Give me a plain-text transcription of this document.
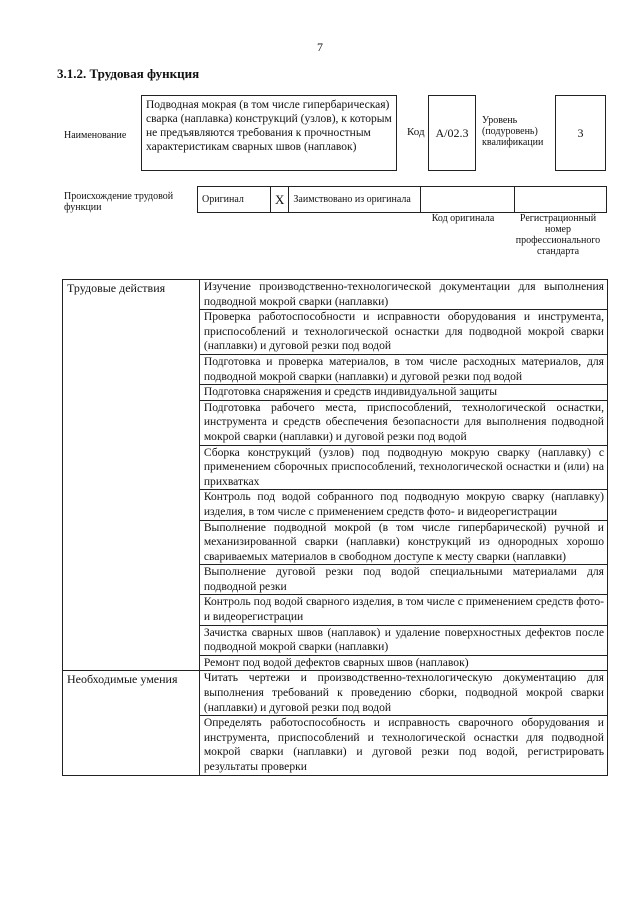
7
3.1.2. Трудовая функция
Наименование
Подводная мокрая (в том числе гипербарическая) сварка (наплавка) конструкций (узлов), к которым не предъявляются требования к прочностным характеристикам сварных швов (наплавок)
Код A/02.3
Уровень (подуровень) квалификации
3
Происхождение трудовой функции
Оригинал	X	Заимствовано из оригинала		
Код оригинала	Регистрационный номер профессионального стандарта
Трудовые действия	Изучение производственно-технологической документации для выполнения подводной мокрой сварки (наплавки)
	Проверка работоспособности и исправности оборудования и инструмента, приспособлений и технологической оснастки для подводной мокрой сварки (наплавки) и дуговой резки под водой
	Подготовка и проверка материалов, в том числе расходных материалов, для подводной мокрой сварки (наплавки) и дуговой резки под водой
	Подготовка снаряжения и средств индивидуальной защиты
	Подготовка рабочего места, приспособлений, технологической оснастки, инструмента и средств обеспечения безопасности для выполнения подводной мокрой сварки (наплавки) и дуговой резки под водой
	Сборка конструкций (узлов) под подводную мокрую сварку (наплавку) с применением сборочных приспособлений, технологической оснастки и (или) на прихватках
	Контроль под водой собранного под подводную мокрую сварку (наплавку) изделия, в том числе с применением средств фото- и видеорегистрации
	Выполнение подводной мокрой (в том числе гипербарической) ручной и механизированной сварки (наплавки) конструкций из однородных хорошо свариваемых материалов в свободном доступе к месту сварки (наплавки)
	Выполнение дуговой резки под водой специальными материалами для подводной резки
	Контроль под водой сварного изделия, в том числе с применением средств фото- и видеорегистрации
	Зачистка сварных швов (наплавок) и удаление поверхностных дефектов после подводной мокрой сварки (наплавки)
	Ремонт под водой дефектов сварных швов (наплавок)
Необходимые умения	Читать чертежи и производственно-технологическую документацию для выполнения требований к проведению сборки, подводной мокрой сварки (наплавки) и дуговой резки под водой
	Определять работоспособность и исправность сварочного оборудования и инструмента, приспособлений и технологической оснастки для подводной мокрой сварки (наплавки) и дуговой резки под водой, регистрировать результаты проверки
